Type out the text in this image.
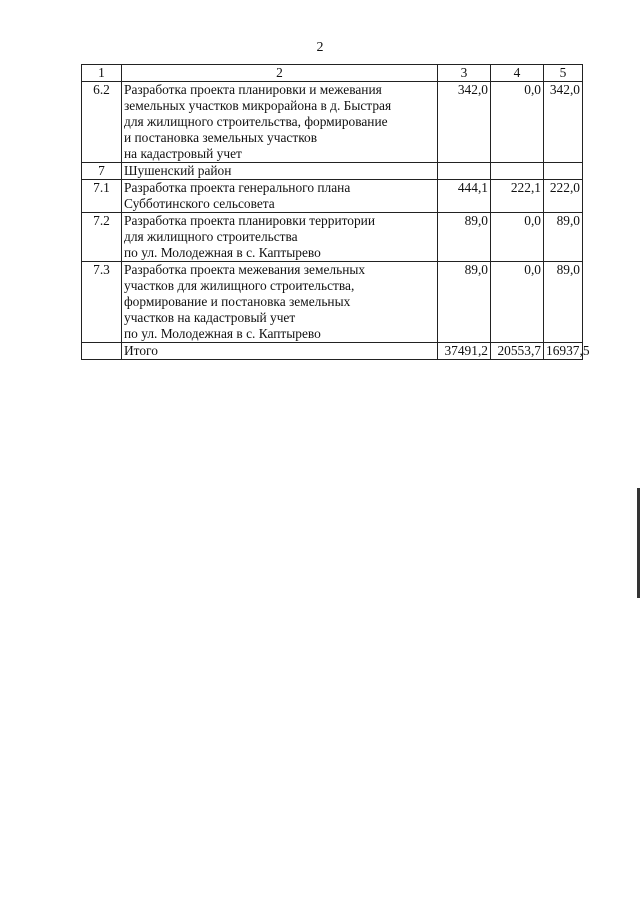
2
1	2	3	4	5
6.2	Разработка проекта планировки и межевания
земельных участков микрорайона в д. Быстрая
для жилищного строительства, формирование
и постановка земельных участков
на кадастровый учет	342,0	0,0	342,0
7	Шушенский район			

7.1	Разработка проекта генерального плана
Субботинского сельсовета	444,1	222,1	222,0
7.2	Разработка проекта планировки территории
для жилищного строительства
по ул. Молодежная в с. Каптырево	89,0	0,0	89,0
7.3	Разработка проекта межевания земельных
участков для жилищного строительства,
формирование и постановка земельных
участков на кадастровый учет
по ул. Молодежная в с. Каптырево	89,0	0,0	89,0

	Итого	37491,2	20553,7	16937,5
